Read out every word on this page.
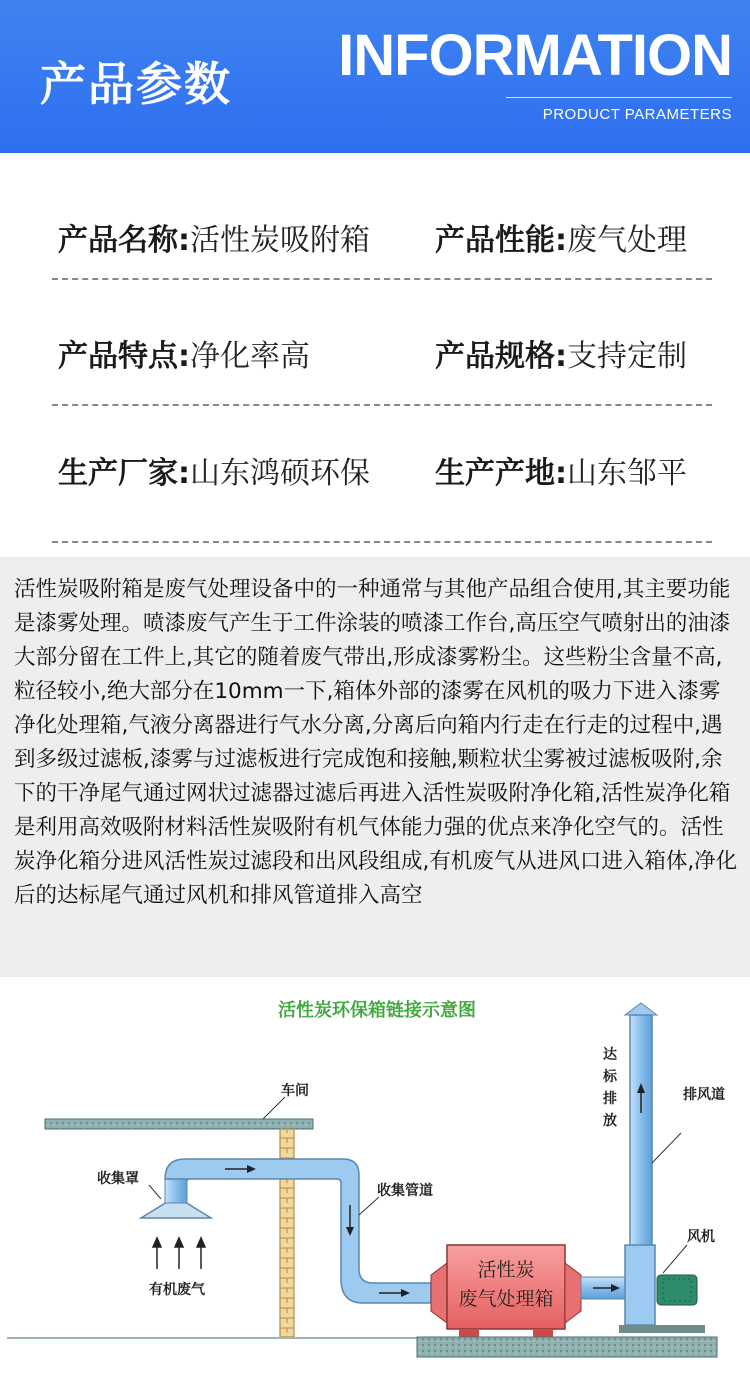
产品参数 INFORMATION
PRODUCT PARAMETERS
产品名称:活性炭吸附箱 产品性能:废气处理
产品特点:净化率高	产品规格:支持定制
生产厂家:山东鸿硕环保 生产产地:山东邹平

活性炭吸附箱是废气处理设备中的一种通常与其他产品组合使用,其主要功能是漆雾处理。喷漆废气产生于工件涂装的喷漆工作台,高压空气喷射出的油漆大部分留在工件上,其它的随着废气带出,形成漆雾粉尘。这些粉尘含量不高,粒径较小,绝大部分在10mm一下,箱体外部的漆雾在风机的吸力下进入漆雾净化处理箱,气液分离器进行气水分离,分离后向箱内行走在行走的过程中,遇到多级过滤板,漆雾与过滤板进行完成饱和接触,颗粒状尘雾被过滤板吸附,余下的干净尾气通过网状过滤器过滤后再进入活性炭吸附净化箱,活性炭净化箱是利用高效吸附材料活性炭吸附有机气体能力强的优点来净化空气的。活性炭净化箱分进风活性炭过滤段和出风段组成,有机废气从进风口进入箱体,净化后的达标尾气通过风机和排风管道排入高空

活性炭环保箱链接示意图
车间
收集罩
有机废气
收集管道
活性炭
废气处理箱
排风道
达
标
排
放
风机
